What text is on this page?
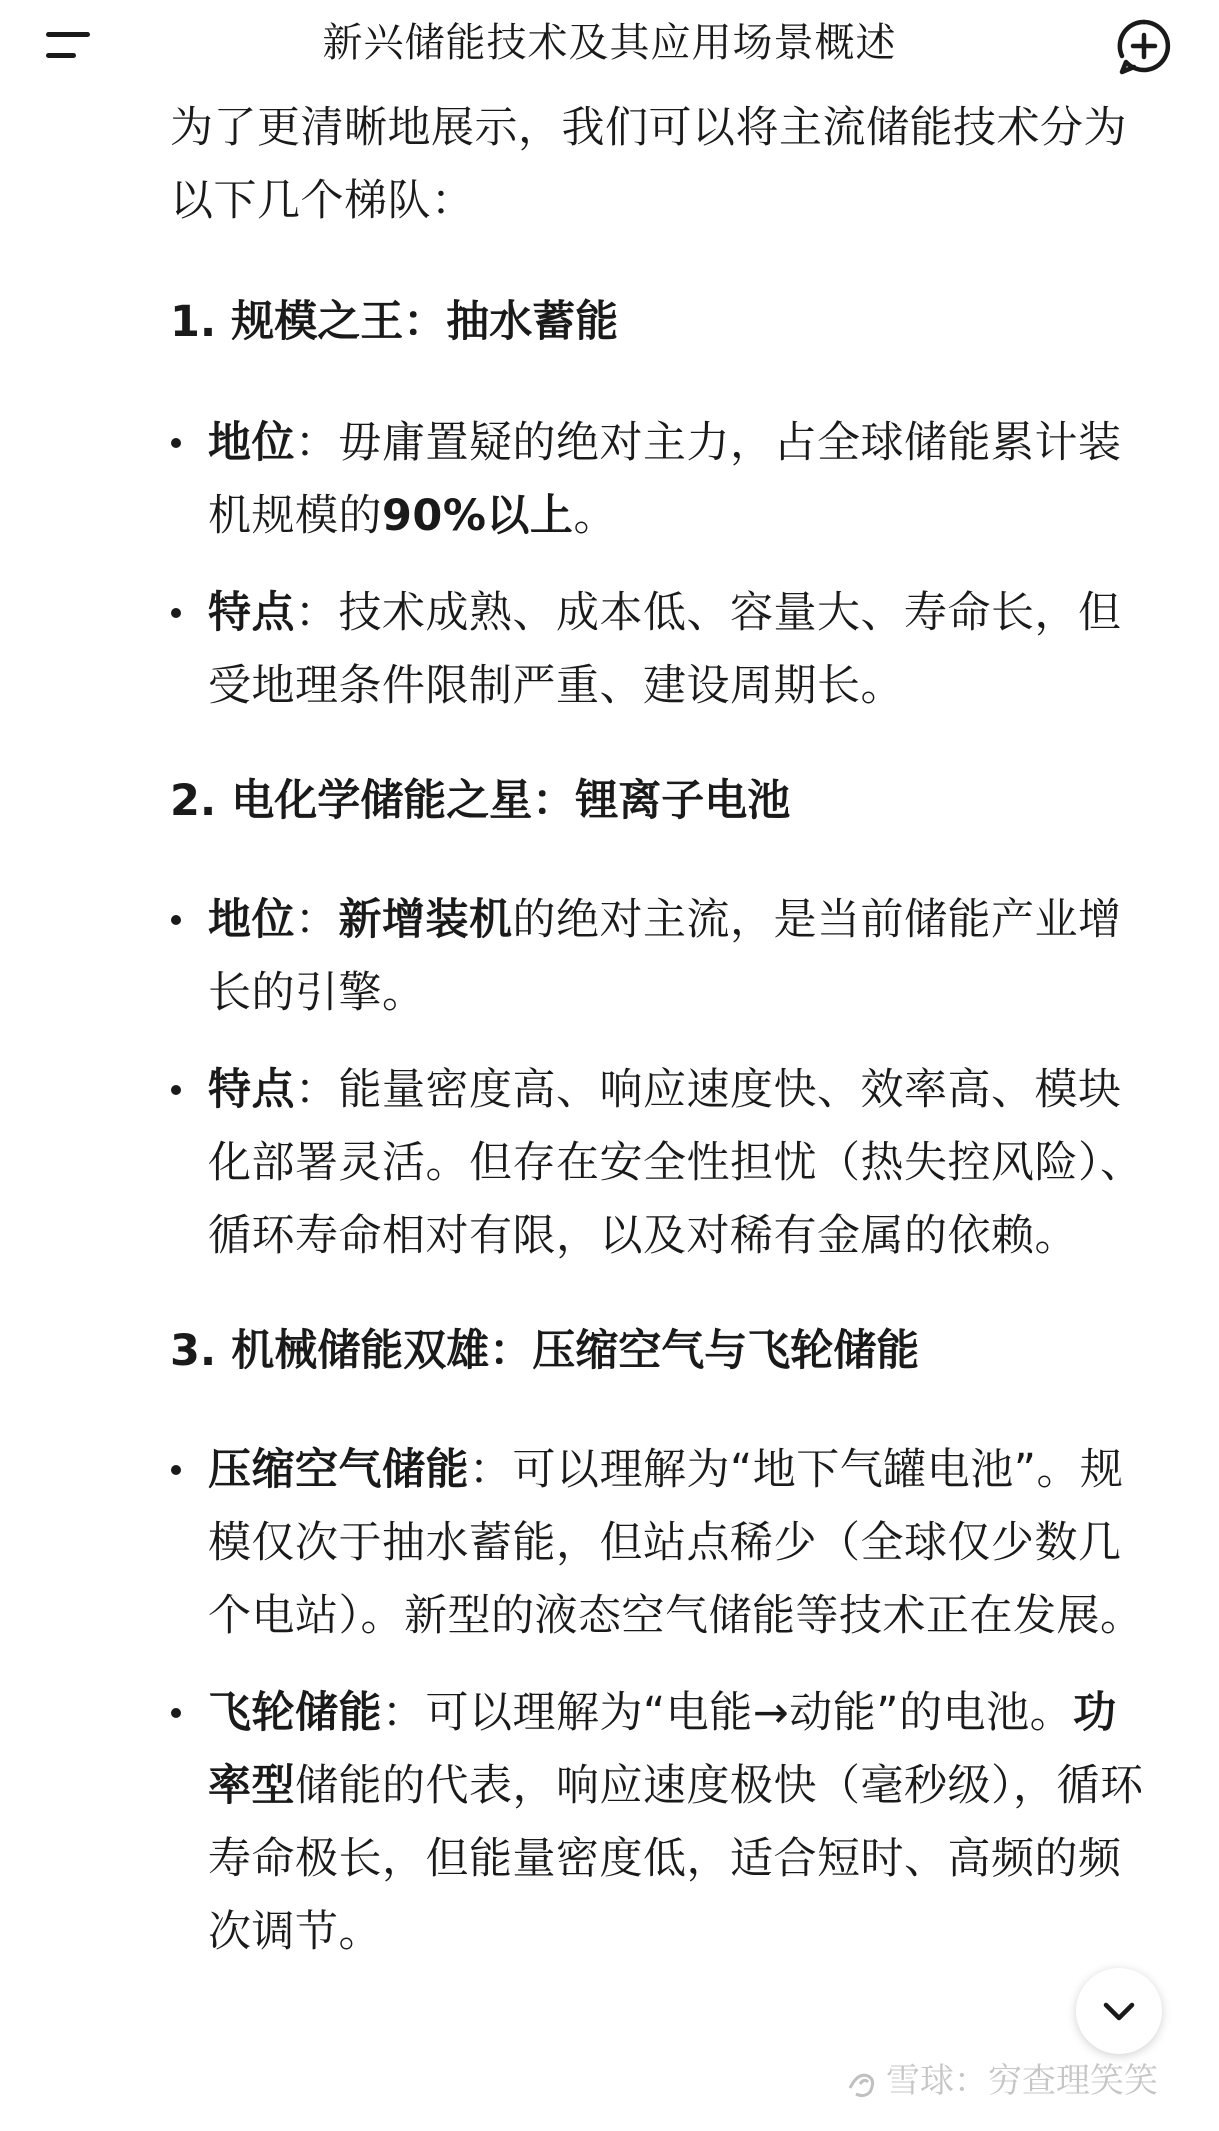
新兴储能技术及其应用场景概述

为了更清晰地展示，我们可以将主流储能技术分为以下几个梯队：

1. 规模之王：抽水蓄能
地位：毋庸置疑的绝对主力，占全球储能累计装机规模的90%以上。
特点：技术成熟、成本低、容量大、寿命长，但受地理条件限制严重、建设周期长。
2. 电化学储能之星：锂离子电池
地位：新增装机的绝对主流，是当前储能产业增长的引擎。
特点：能量密度高、响应速度快、效率高、模块化部署灵活。但存在安全性担忧（热失控风险）、循环寿命相对有限，以及对稀有金属的依赖。
3. 机械储能双雄：压缩空气与飞轮储能
压缩空气储能：可以理解为“地下气罐电池”。规模仅次于抽水蓄能，但站点稀少（全球仅少数几个电站）。新型的液态空气储能等技术正在发展。
飞轮储能：可以理解为“电能→动能”的电池。功率型储能的代表，响应速度极快（毫秒级），循环寿命极长，但能量密度低，适合短时、高频的频次调节。
雪球：穷查理笑笑
